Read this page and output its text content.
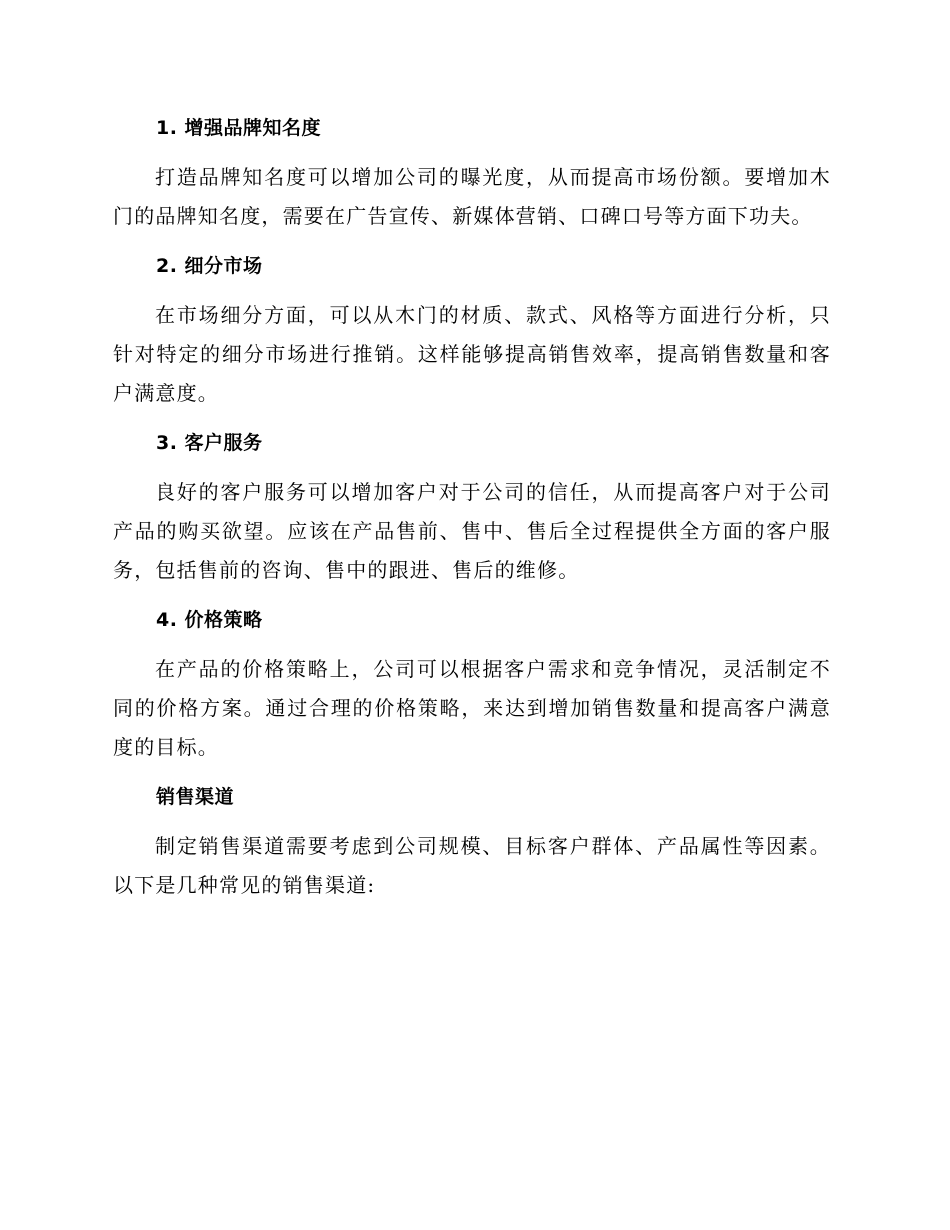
1. 增强品牌知名度

打造品牌知名度可以增加公司的曝光度，从而提高市场份额。要增加木门的品牌知名度，需要在广告宣传、新媒体营销、口碑口号等方面下功夫。

2. 细分市场

在市场细分方面，可以从木门的材质、款式、风格等方面进行分析，只针对特定的细分市场进行推销。这样能够提高销售效率，提高销售数量和客户满意度。

3. 客户服务

良好的客户服务可以增加客户对于公司的信任，从而提高客户对于公司产品的购买欲望。应该在产品售前、售中、售后全过程提供全方面的客户服务，包括售前的咨询、售中的跟进、售后的维修。

4. 价格策略

在产品的价格策略上，公司可以根据客户需求和竞争情况，灵活制定不同的价格方案。通过合理的价格策略，来达到增加销售数量和提高客户满意度的目标。

销售渠道

制定销售渠道需要考虑到公司规模、目标客户群体、产品属性等因素。以下是几种常见的销售渠道:
